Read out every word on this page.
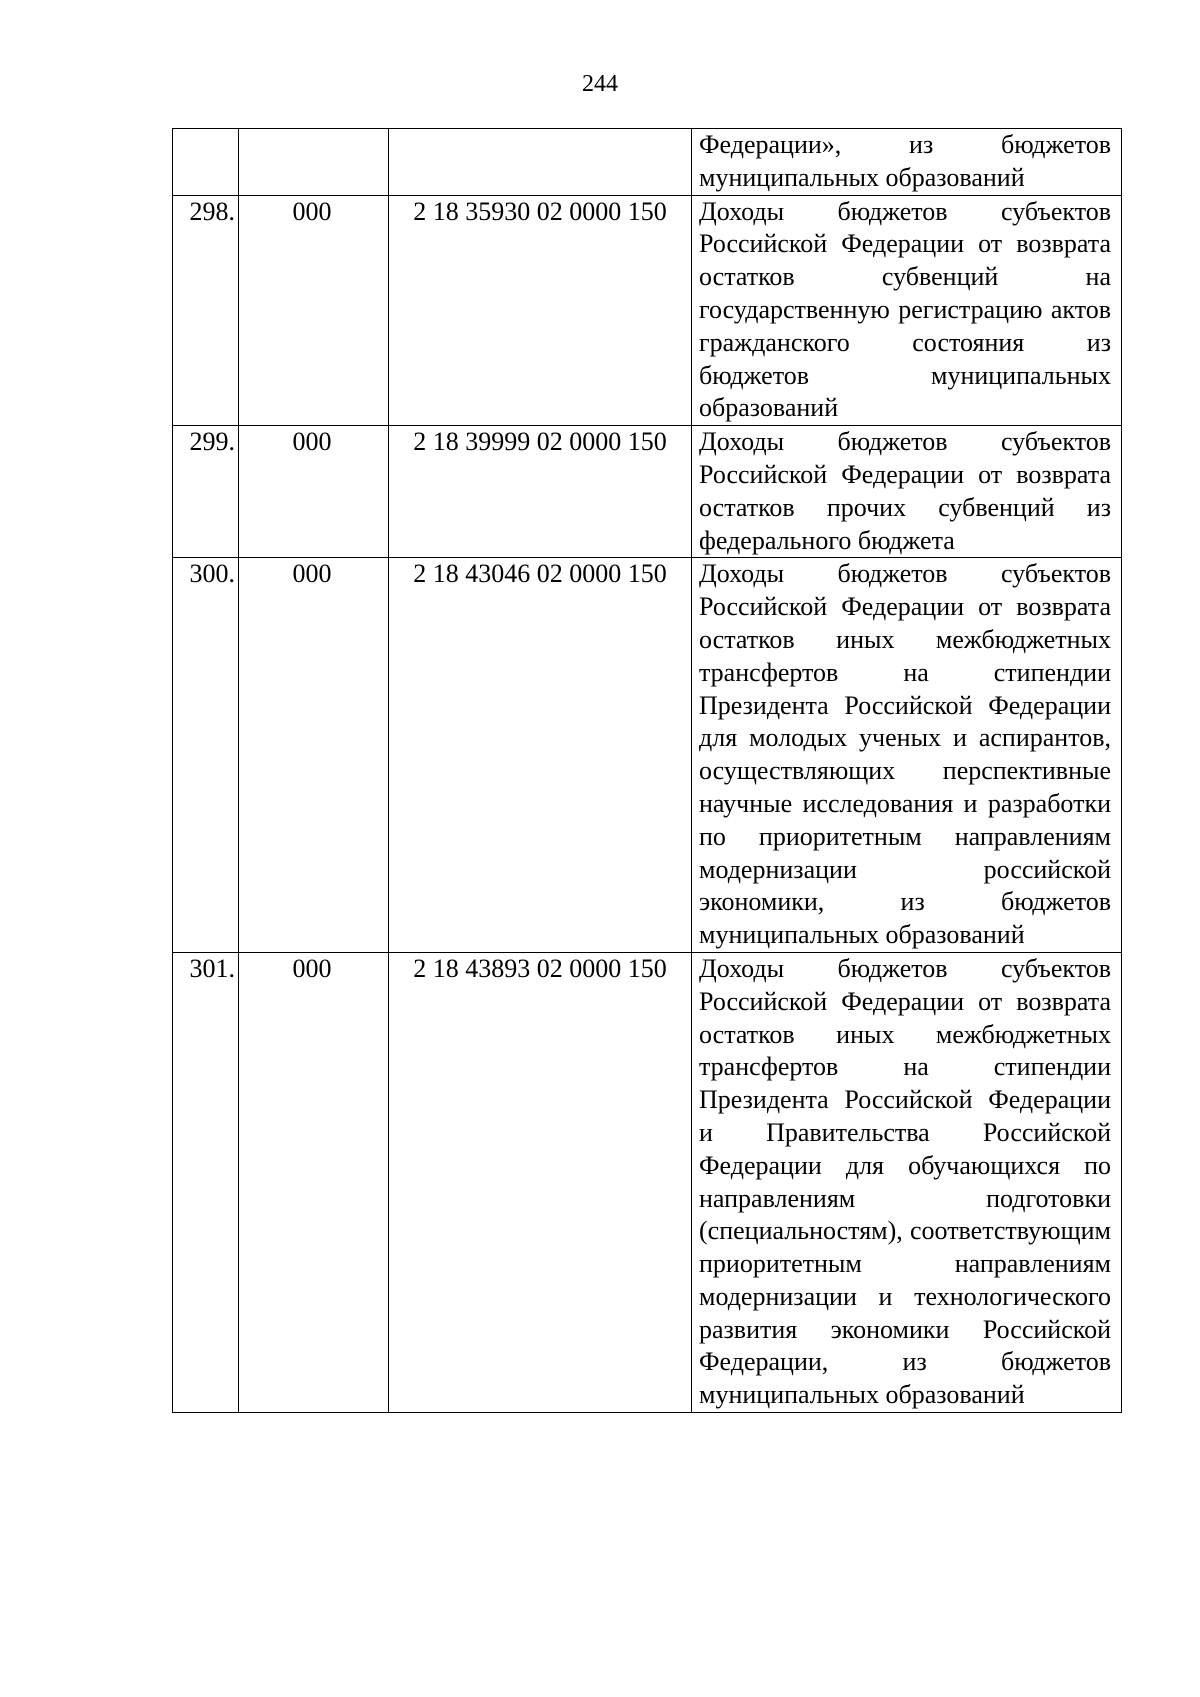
244
			Федерации», из бюджетов муниципальных образований
298.	000	2 18 35930 02 0000 150	Доходы бюджетов субъектов Российской Федерации от возврата остатков субвенций на государственную регистрацию актов гражданского состояния из бюджетов муниципальных образований
299.	000	2 18 39999 02 0000 150	Доходы бюджетов субъектов Российской Федерации от возврата остатков прочих субвенций из федерального бюджета
300.	000	2 18 43046 02 0000 150	Доходы бюджетов субъектов Российской Федерации от возврата остатков иных межбюджетных трансфертов на стипендии Президента Российской Федерации для молодых ученых и аспирантов, осуществляющих перспективные научные исследования и разработки по приоритетным направлениям модернизации российской экономики, из бюджетов муниципальных образований
301.	000	2 18 43893 02 0000 150	Доходы бюджетов субъектов Российской Федерации от возврата остатков иных межбюджетных трансфертов на стипендии Президента Российской Федерации и Правительства Российской Федерации для обучающихся по направлениям подготовки (специальностям), соответствующим приоритетным направлениям модернизации и технологического развития экономики Российской Федерации, из бюджетов муниципальных образований
